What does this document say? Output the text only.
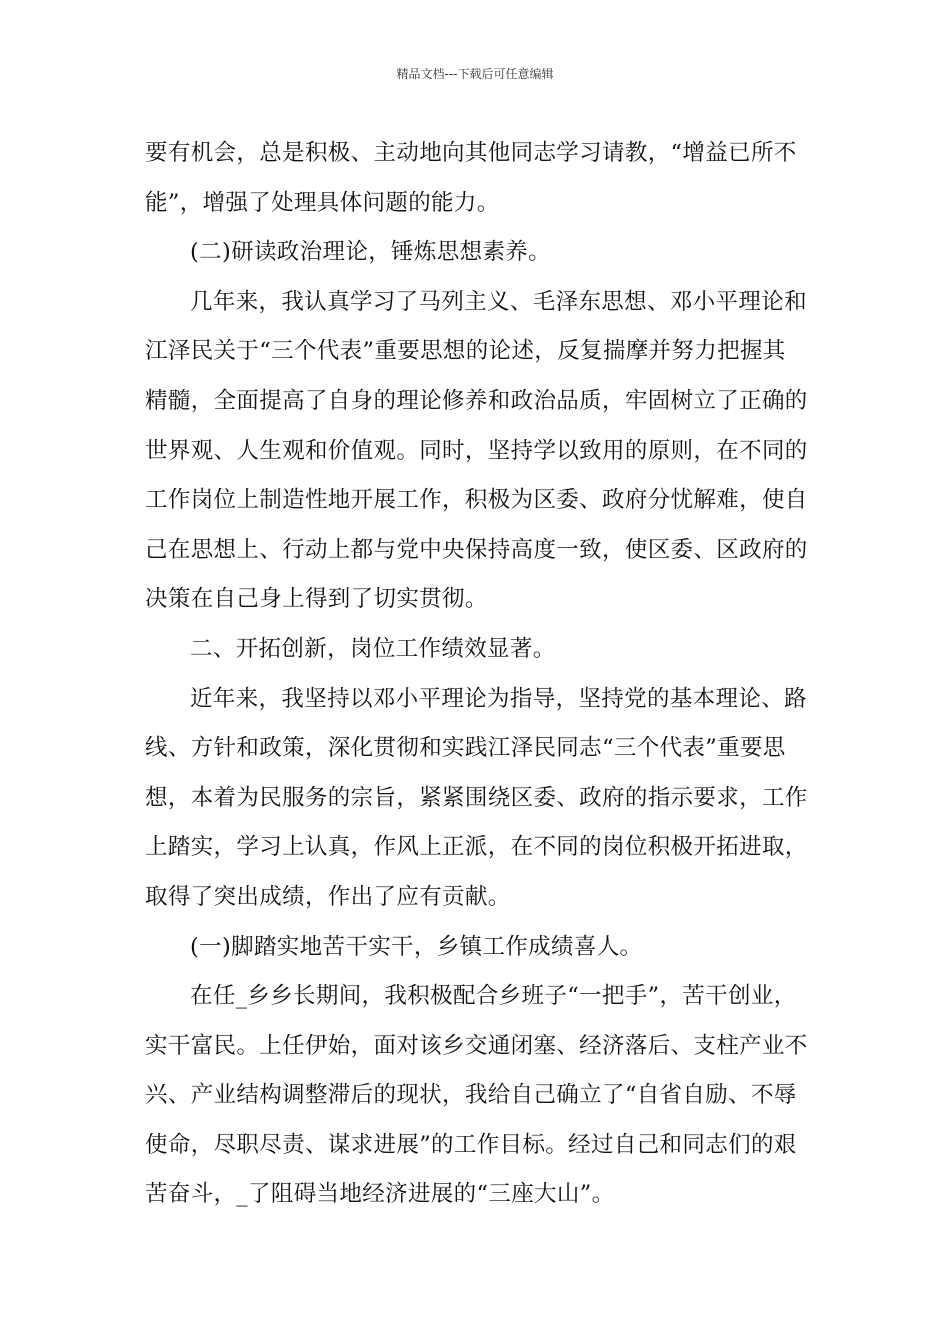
精品文档---下载后可任意编辑
要有机会，总是积极、主动地向其他同志学习请教，“增益已所不
能”，增强了处理具体问题的能力。
(二)研读政治理论，锤炼思想素养。
几年来，我认真学习了马列主义、毛泽东思想、邓小平理论和
江泽民关于“三个代表”重要思想的论述，反复揣摩并努力把握其
精髓，全面提高了自身的理论修养和政治品质，牢固树立了正确的
世界观、人生观和价值观。同时，坚持学以致用的原则，在不同的
工作岗位上制造性地开展工作，积极为区委、政府分忧解难，使自
己在思想上、行动上都与党中央保持高度一致，使区委、区政府的
决策在自己身上得到了切实贯彻。
二、开拓创新，岗位工作绩效显著。
近年来，我坚持以邓小平理论为指导，坚持党的基本理论、路
线、方针和政策，深化贯彻和实践江泽民同志“三个代表”重要思
想，本着为民服务的宗旨，紧紧围绕区委、政府的指示要求，工作
上踏实，学习上认真，作风上正派，在不同的岗位积极开拓进取，
取得了突出成绩，作出了应有贡献。
(一)脚踏实地苦干实干，乡镇工作成绩喜人。
在任_乡乡长期间，我积极配合乡班子“一把手”，苦干创业，
实干富民。上任伊始，面对该乡交通闭塞、经济落后、支柱产业不
兴、产业结构调整滞后的现状，我给自己确立了“自省自励、不辱
使命，尽职尽责、谋求进展”的工作目标。经过自己和同志们的艰
苦奋斗，_了阻碍当地经济进展的“三座大山”。
